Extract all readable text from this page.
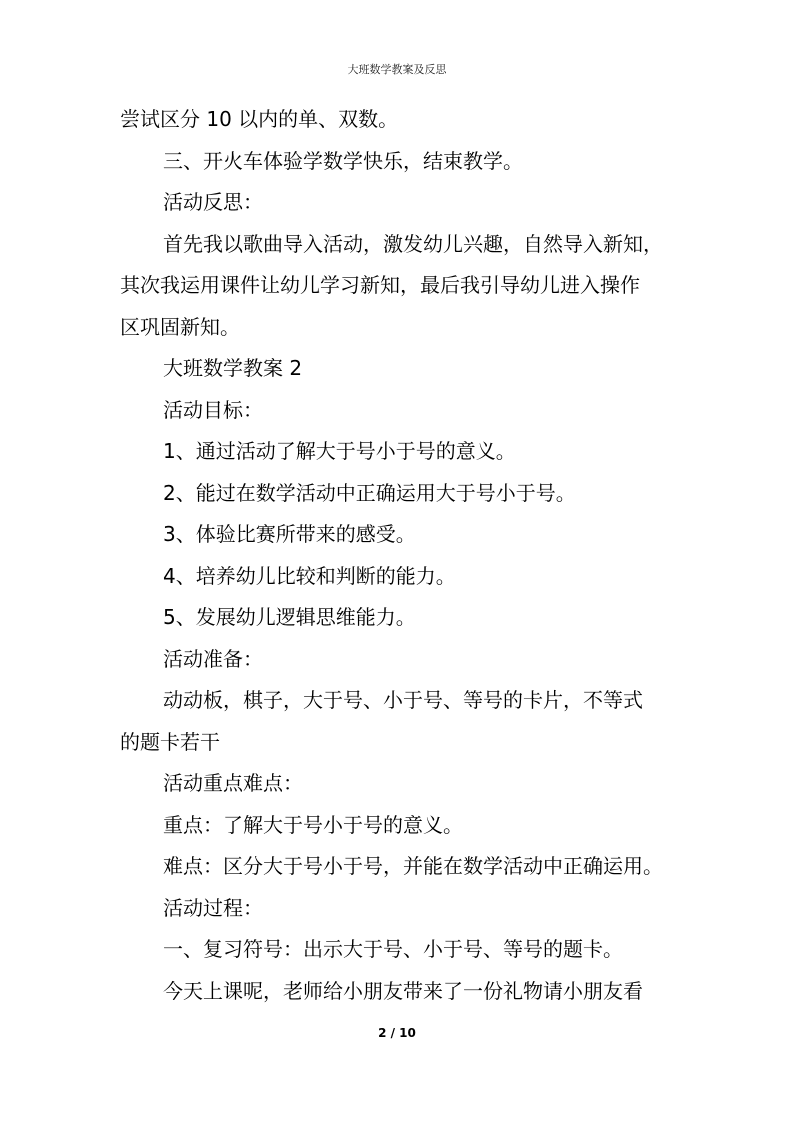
大班数学教案及反思
尝试区分 10 以内的单、双数。
三、开火车体验学数学快乐，结束教学。
活动反思：
首先我以歌曲导入活动，激发幼儿兴趣，自然导入新知，
其次我运用课件让幼儿学习新知，最后我引导幼儿进入操作
区巩固新知。
大班数学教案 2
活动目标：
1、通过活动了解大于号小于号的意义。
2、能过在数学活动中正确运用大于号小于号。
3、体验比赛所带来的感受。
4、培养幼儿比较和判断的能力。
5、发展幼儿逻辑思维能力。
活动准备：
动动板，棋子，大于号、小于号、等号的卡片，不等式
的题卡若干
活动重点难点：
重点：了解大于号小于号的意义。
难点：区分大于号小于号，并能在数学活动中正确运用。
活动过程：
一、复习符号：出示大于号、小于号、等号的题卡。
今天上课呢，老师给小朋友带来了一份礼物请小朋友看
2 / 10
